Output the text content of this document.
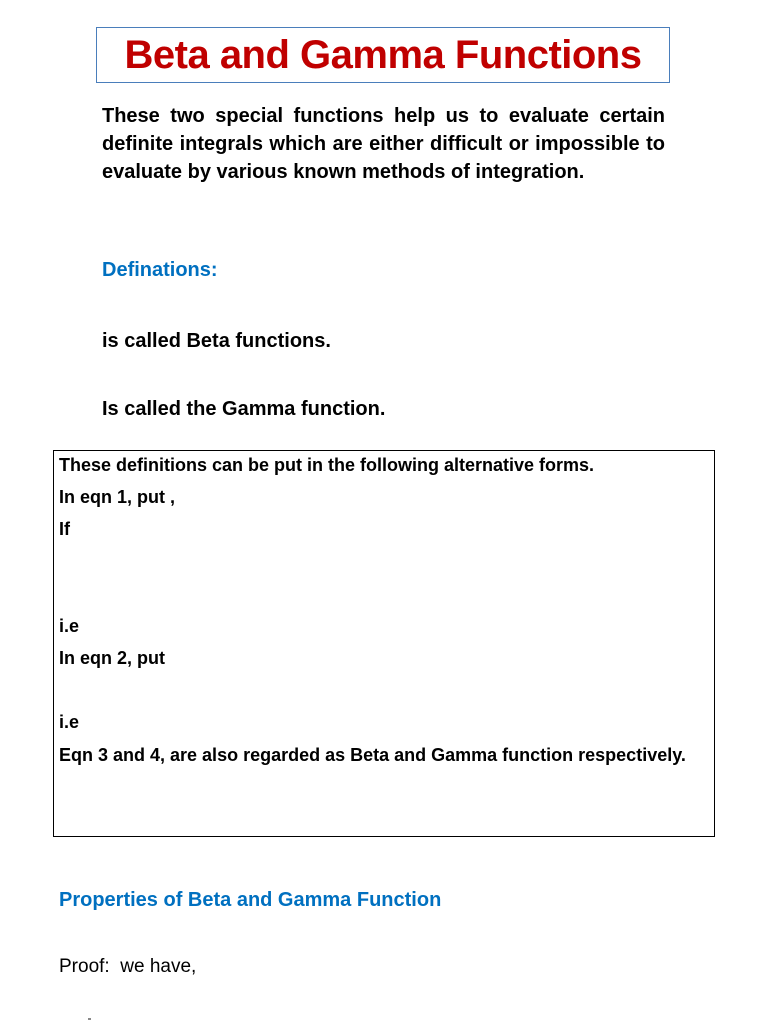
Beta and Gamma Functions

These two special functions help us to evaluate certain definite integrals which are either difficult or impossible to evaluate by various known methods of integration.

Definations:

is called Beta functions.

Is called the Gamma function.

These definitions can be put in the following alternative forms.

In eqn 1, put ,

If

i.e

In eqn 2, put

i.e

Eqn 3 and 4, are also regarded as Beta and Gamma function respectively.

Properties of Beta and Gamma Function

Proof:  we have,
